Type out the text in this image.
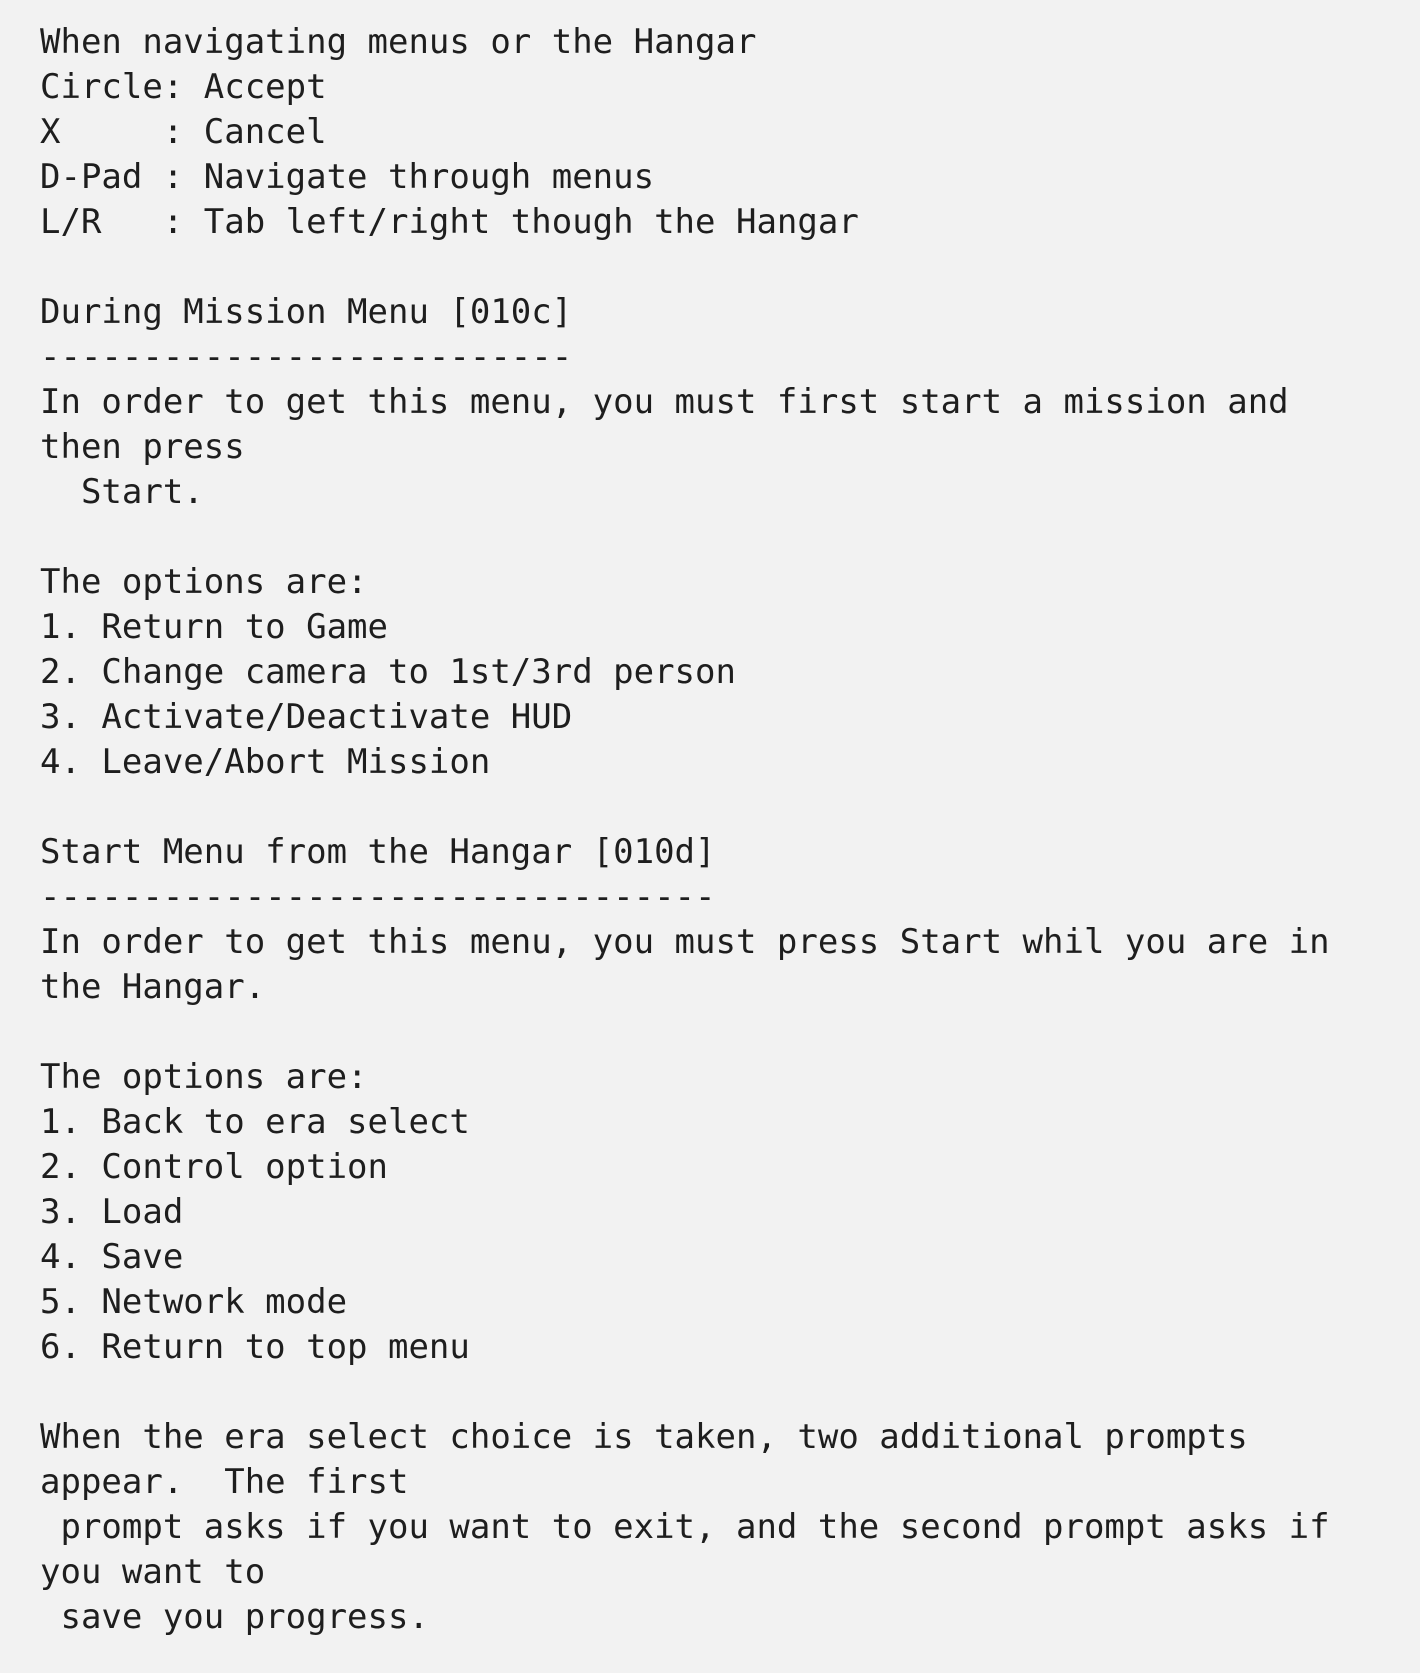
When navigating menus or the Hangar
Circle: Accept
X     : Cancel
D-Pad : Navigate through menus
L/R   : Tab left/right though the Hangar
During Mission Menu [010c]
--------------------------
In order to get this menu, you must first start a mission and
then press
Start.
The options are:
1. Return to Game
2. Change camera to 1st/3rd person
3. Activate/Deactivate HUD
4. Leave/Abort Mission
Start Menu from the Hangar [010d]
---------------------------------
In order to get this menu, you must press Start whil you are in
the Hangar.
The options are:
1. Back to era select
2. Control option
3. Load
4. Save
5. Network mode
6. Return to top menu
When the era select choice is taken, two additional prompts
appear.  The first
prompt asks if you want to exit, and the second prompt asks if
you want to
save you progress.
